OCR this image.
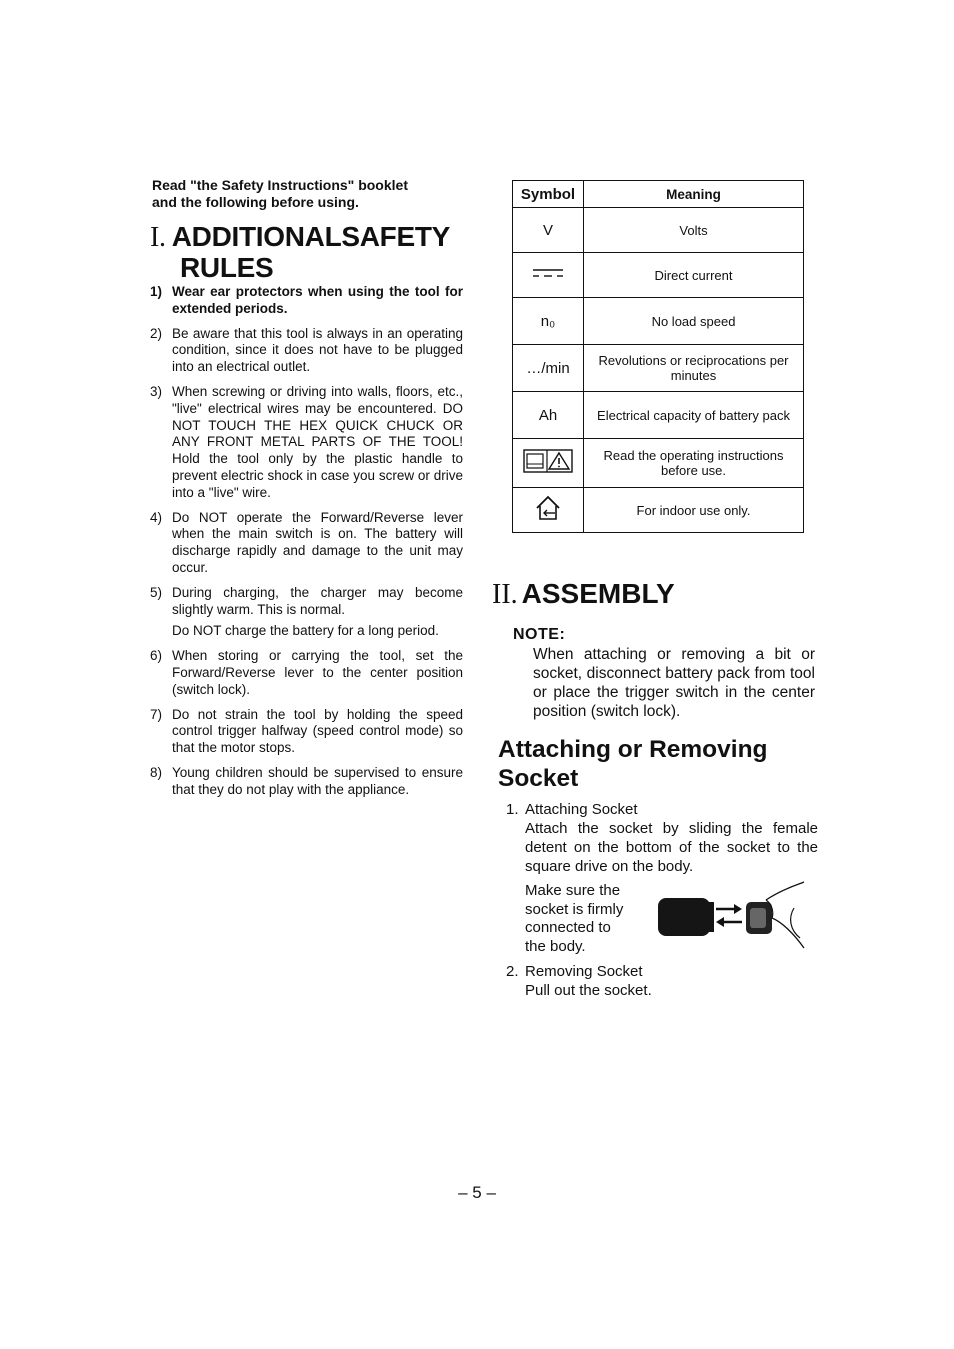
Read "the Safety Instructions" booklet
and the following before using.
I. ADDITIONALSAFETY
RULES
1) Wear ear protectors when using the tool for extended periods.
2) Be aware that this tool is always in an operating condition, since it does not have to be plugged into an electrical outlet.
3) When screwing or driving into walls, floors, etc., "live" electrical wires may be encountered. DO NOT TOUCH THE HEX QUICK CHUCK OR ANY FRONT METAL PARTS OF THE TOOL! Hold the tool only by the plastic handle to prevent electric shock in case you screw or drive into a "live" wire.
4) Do NOT operate the Forward/Reverse lever when the main switch is on. The battery will discharge rapidly and damage to the unit may occur.
5) During charging, the charger may become slightly warm. This is normal.
Do NOT charge the battery for a long period.
6) When storing or carrying the tool, set the Forward/Reverse lever to the center position (switch lock).
7) Do not strain the tool by holding the speed control trigger halfway (speed control mode) so that the motor stops.
8) Young children should be supervised to ensure that they do not play with the appliance.
Symbol	Meaning
V	Volts
	Direct current
n₀	No load speed
…/min	Revolutions or reciprocations per minutes
Ah	Electrical capacity of battery pack
	Read the operating instructions before use.
	For indoor use only.
II. ASSEMBLY
NOTE:
When attaching or removing a bit or socket, disconnect battery pack from tool or place the trigger switch in the center position (switch lock).
Attaching or Removing
Socket
1. Attaching Socket
Attach the socket by sliding the female detent on the bottom of the socket to the square drive on the body.
Make sure the socket is firmly connected to the body.
2. Removing Socket
Pull out the socket.
– 5 –
